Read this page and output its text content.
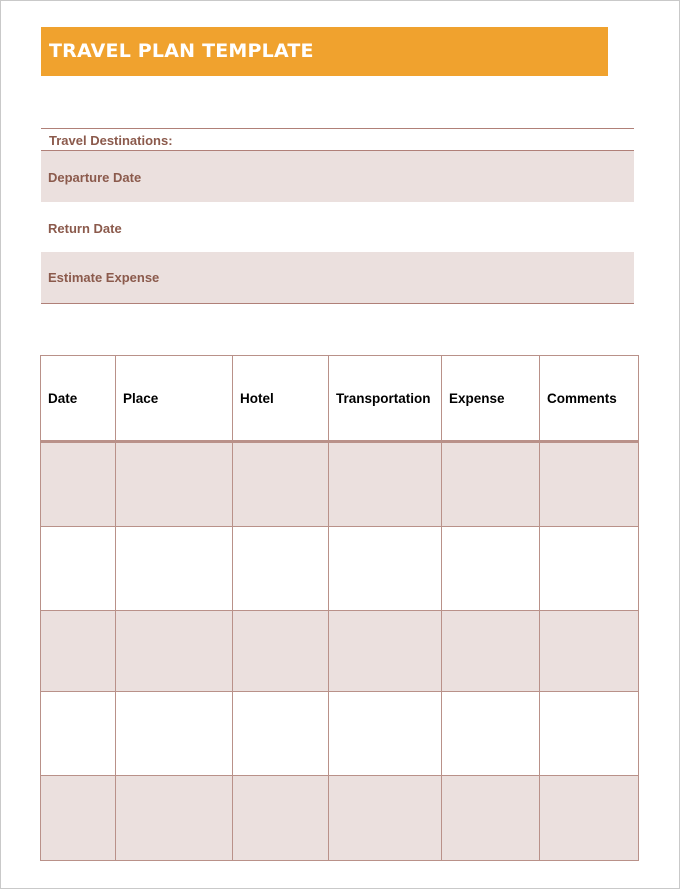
TRAVEL PLAN TEMPLATE
Travel Destinations:
Departure Date
Return Date
Estimate Expense
Date	Place	Hotel	Transportation	Expense	Comments
